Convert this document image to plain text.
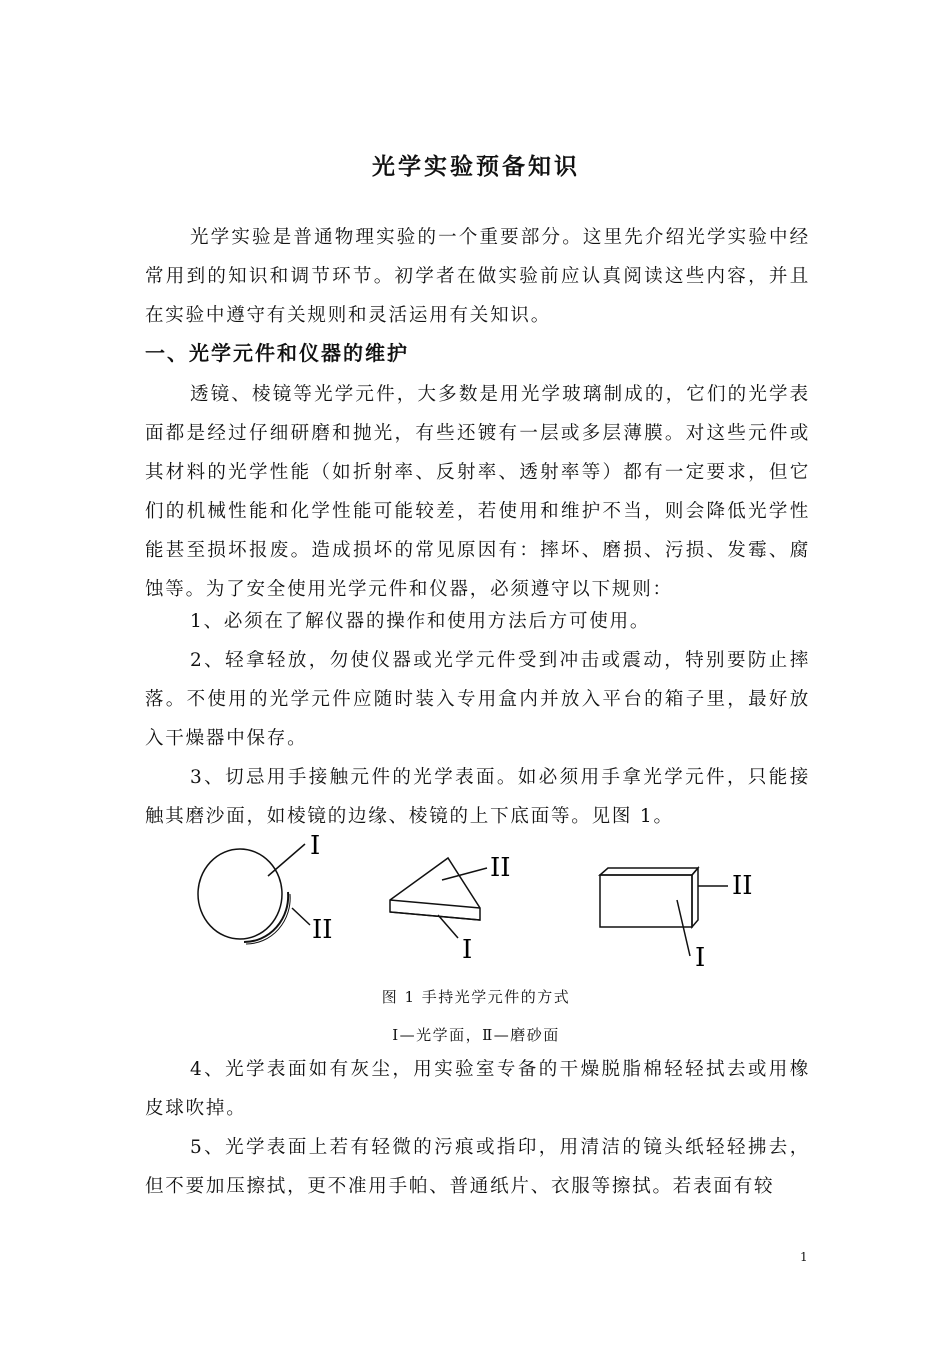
光学实验预备知识

光学实验是普通物理实验的一个重要部分。这里先介绍光学实验中经常用到的知识和调节环节。初学者在做实验前应认真阅读这些内容，并且在实验中遵守有关规则和灵活运用有关知识。

一、光学元件和仪器的维护

透镜、棱镜等光学元件，大多数是用光学玻璃制成的，它们的光学表面都是经过仔细研磨和抛光，有些还镀有一层或多层薄膜。对这些元件或其材料的光学性能（如折射率、反射率、透射率等）都有一定要求，但它们的机械性能和化学性能可能较差，若使用和维护不当，则会降低光学性能甚至损坏报废。造成损坏的常见原因有：摔坏、磨损、污损、发霉、腐蚀等。为了安全使用光学元件和仪器，必须遵守以下规则：

1、必须在了解仪器的操作和使用方法后方可使用。

2、轻拿轻放，勿使仪器或光学元件受到冲击或震动，特别要防止摔落。不使用的光学元件应随时装入专用盒内并放入平台的箱子里，最好放入干燥器中保存。

3、切忌用手接触元件的光学表面。如必须用手拿光学元件，只能接触其磨沙面，如棱镜的边缘、棱镜的上下底面等。见图 1。

I
II
II
I
II
I
图 1 手持光学元件的方式
Ⅰ—光学面，Ⅱ—磨砂面

4、光学表面如有灰尘，用实验室专备的干燥脱脂棉轻轻拭去或用橡皮球吹掉。

5、光学表面上若有轻微的污痕或指印，用清洁的镜头纸轻轻拂去，但不要加压擦拭，更不准用手帕、普通纸片、衣服等擦拭。若表面有较

1
